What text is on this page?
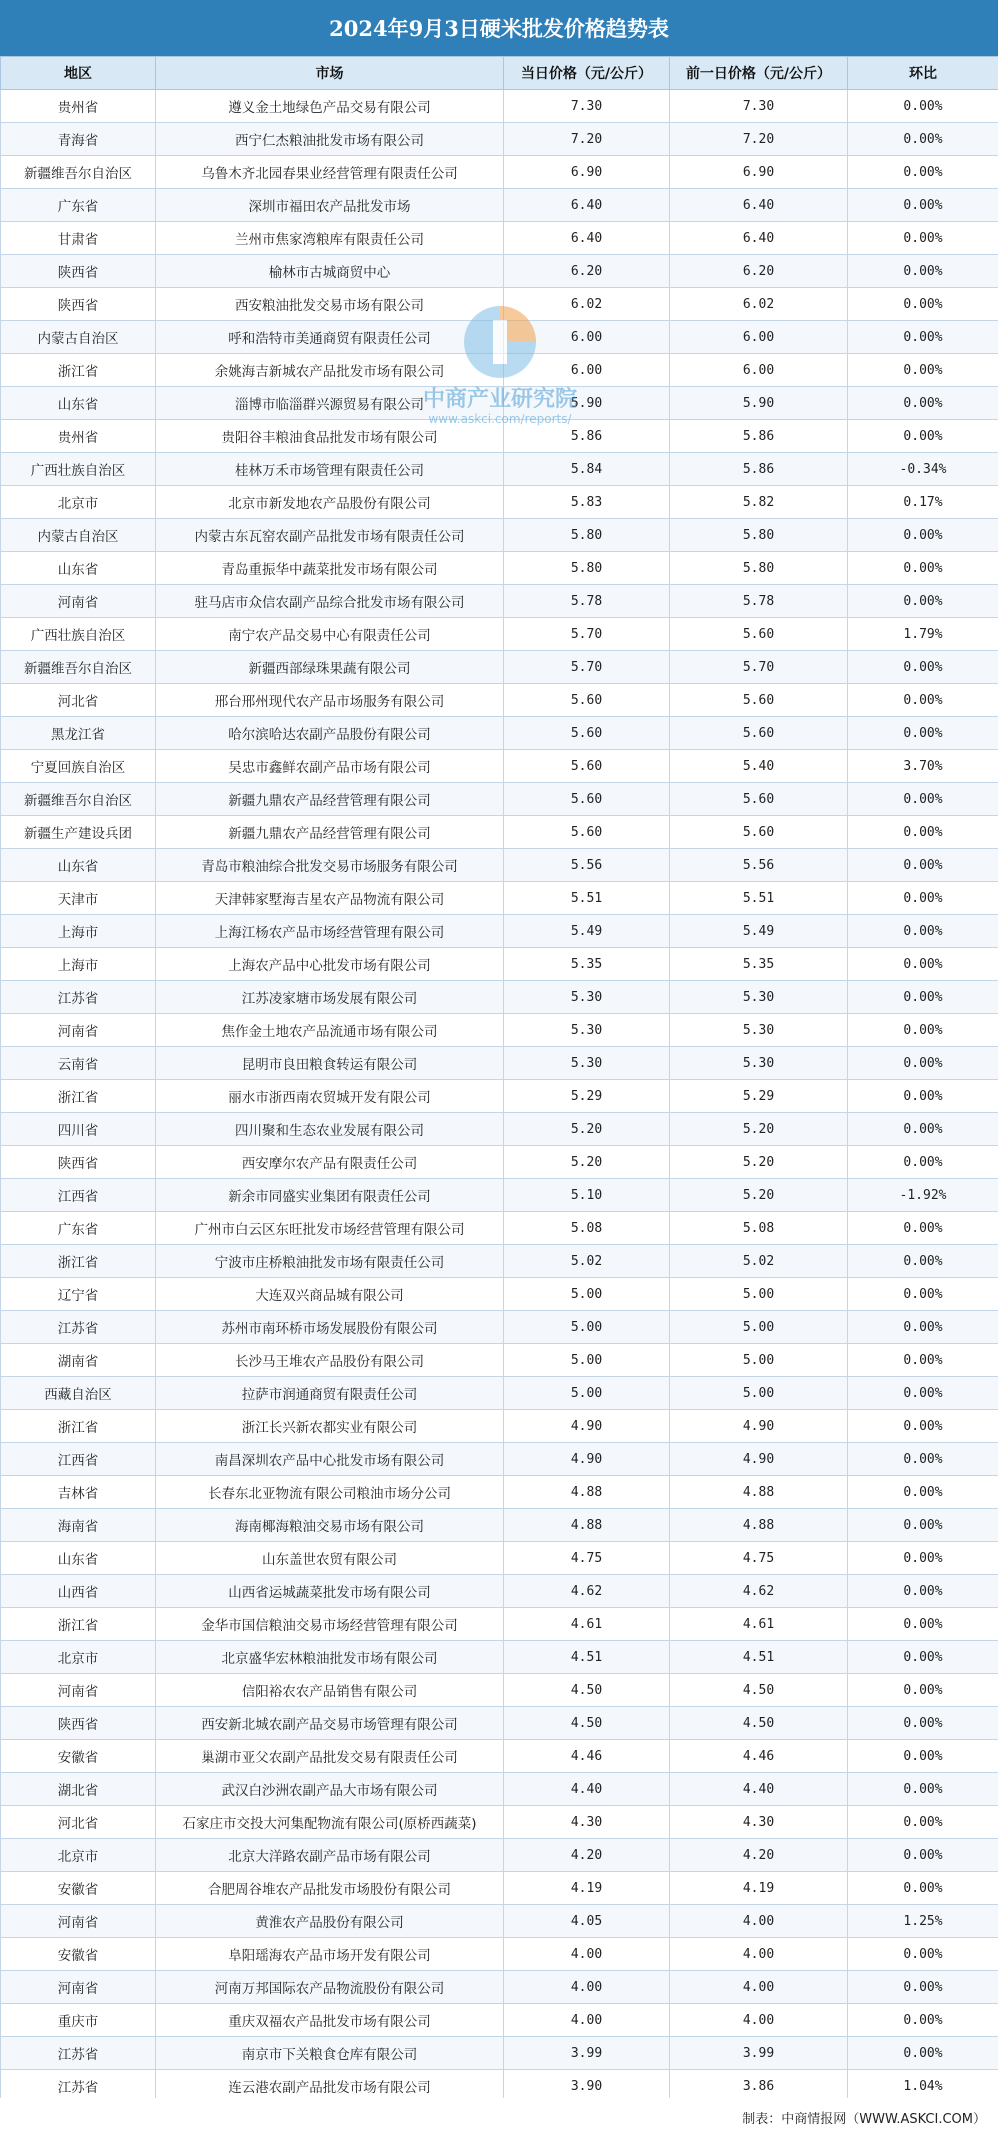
2024年9月3日硬米批发价格趋势表
地区	市场	当日价格（元/公斤）	前一日价格（元/公斤）	环比
贵州省	遵义金土地绿色产品交易有限公司	7.30	7.30	0.00%
青海省	西宁仁杰粮油批发市场有限公司	7.20	7.20	0.00%
新疆维吾尔自治区	乌鲁木齐北园春果业经营管理有限责任公司	6.90	6.90	0.00%
广东省	深圳市福田农产品批发市场	6.40	6.40	0.00%
甘肃省	兰州市焦家湾粮库有限责任公司	6.40	6.40	0.00%
陕西省	榆林市古城商贸中心	6.20	6.20	0.00%
陕西省	西安粮油批发交易市场有限公司	6.02	6.02	0.00%
内蒙古自治区	呼和浩特市美通商贸有限责任公司	6.00	6.00	0.00%
浙江省	余姚海吉新城农产品批发市场有限公司	6.00	6.00	0.00%
山东省	淄博市临淄群兴源贸易有限公司	5.90	5.90	0.00%
贵州省	贵阳谷丰粮油食品批发市场有限公司	5.86	5.86	0.00%
广西壮族自治区	桂林万禾市场管理有限责任公司	5.84	5.86	-0.34%
北京市	北京市新发地农产品股份有限公司	5.83	5.82	0.17%
内蒙古自治区	内蒙古东瓦窑农副产品批发市场有限责任公司	5.80	5.80	0.00%
山东省	青岛重振华中蔬菜批发市场有限公司	5.80	5.80	0.00%
河南省	驻马店市众信农副产品综合批发市场有限公司	5.78	5.78	0.00%
广西壮族自治区	南宁农产品交易中心有限责任公司	5.70	5.60	1.79%
新疆维吾尔自治区	新疆西部绿珠果蔬有限公司	5.70	5.70	0.00%
河北省	邢台邢州现代农产品市场服务有限公司	5.60	5.60	0.00%
黑龙江省	哈尔滨哈达农副产品股份有限公司	5.60	5.60	0.00%
宁夏回族自治区	吴忠市鑫鲜农副产品市场有限公司	5.60	5.40	3.70%
新疆维吾尔自治区	新疆九鼎农产品经营管理有限公司	5.60	5.60	0.00%
新疆生产建设兵团	新疆九鼎农产品经营管理有限公司	5.60	5.60	0.00%
山东省	青岛市粮油综合批发交易市场服务有限公司	5.56	5.56	0.00%
天津市	天津韩家墅海吉星农产品物流有限公司	5.51	5.51	0.00%
上海市	上海江杨农产品市场经营管理有限公司	5.49	5.49	0.00%
上海市	上海农产品中心批发市场有限公司	5.35	5.35	0.00%
江苏省	江苏凌家塘市场发展有限公司	5.30	5.30	0.00%
河南省	焦作金土地农产品流通市场有限公司	5.30	5.30	0.00%
云南省	昆明市良田粮食转运有限公司	5.30	5.30	0.00%
浙江省	丽水市浙西南农贸城开发有限公司	5.29	5.29	0.00%
四川省	四川聚和生态农业发展有限公司	5.20	5.20	0.00%
陕西省	西安摩尔农产品有限责任公司	5.20	5.20	0.00%
江西省	新余市同盛实业集团有限责任公司	5.10	5.20	-1.92%
广东省	广州市白云区东旺批发市场经营管理有限公司	5.08	5.08	0.00%
浙江省	宁波市庄桥粮油批发市场有限责任公司	5.02	5.02	0.00%
辽宁省	大连双兴商品城有限公司	5.00	5.00	0.00%
江苏省	苏州市南环桥市场发展股份有限公司	5.00	5.00	0.00%
湖南省	长沙马王堆农产品股份有限公司	5.00	5.00	0.00%
西藏自治区	拉萨市润通商贸有限责任公司	5.00	5.00	0.00%
浙江省	浙江长兴新农都实业有限公司	4.90	4.90	0.00%
江西省	南昌深圳农产品中心批发市场有限公司	4.90	4.90	0.00%
吉林省	长春东北亚物流有限公司粮油市场分公司	4.88	4.88	0.00%
海南省	海南椰海粮油交易市场有限公司	4.88	4.88	0.00%
山东省	山东盖世农贸有限公司	4.75	4.75	0.00%
山西省	山西省运城蔬菜批发市场有限公司	4.62	4.62	0.00%
浙江省	金华市国信粮油交易市场经营管理有限公司	4.61	4.61	0.00%
北京市	北京盛华宏林粮油批发市场有限公司	4.51	4.51	0.00%
河南省	信阳裕农农产品销售有限公司	4.50	4.50	0.00%
陕西省	西安新北城农副产品交易市场管理有限公司	4.50	4.50	0.00%
安徽省	巢湖市亚父农副产品批发交易有限责任公司	4.46	4.46	0.00%
湖北省	武汉白沙洲农副产品大市场有限公司	4.40	4.40	0.00%
河北省	石家庄市交投大河集配物流有限公司(原桥西蔬菜)	4.30	4.30	0.00%
北京市	北京大洋路农副产品市场有限公司	4.20	4.20	0.00%
安徽省	合肥周谷堆农产品批发市场股份有限公司	4.19	4.19	0.00%
河南省	黄淮农产品股份有限公司	4.05	4.00	1.25%
安徽省	阜阳瑶海农产品市场开发有限公司	4.00	4.00	0.00%
河南省	河南万邦国际农产品物流股份有限公司	4.00	4.00	0.00%
重庆市	重庆双福农产品批发市场有限公司	4.00	4.00	0.00%
江苏省	南京市下关粮食仓库有限公司	3.99	3.99	0.00%
江苏省	连云港农副产品批发市场有限公司	3.90	3.86	1.04%
中商产业研究院
www.askci.com/reports/
制表：中商情报网（WWW.ASKCI.COM）
